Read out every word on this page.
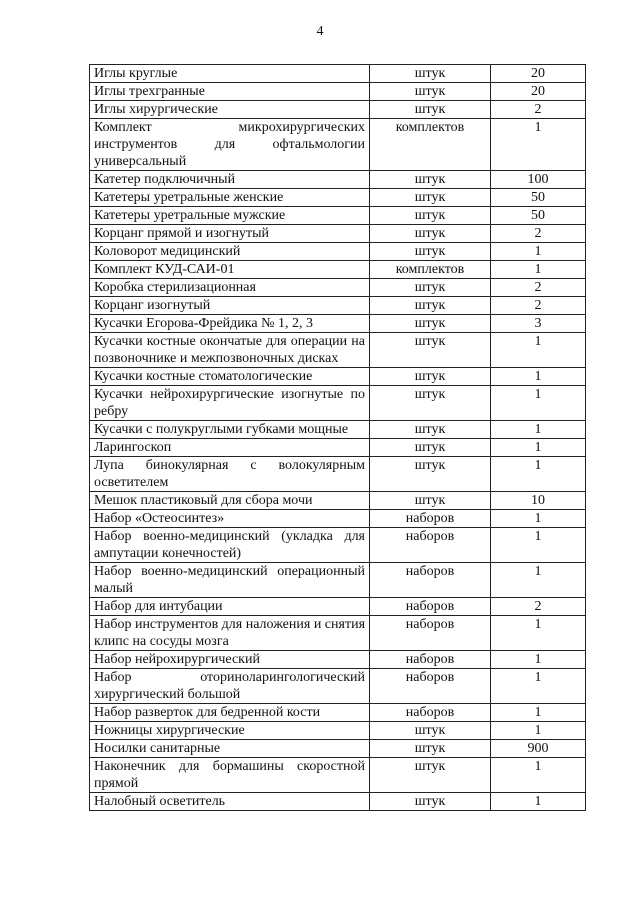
4
Иглы круглые	штук	20
Иглы трехгранные	штук	20
Иглы хирургические	штук	2
Комплект микрохирургических инструментов для офтальмологии универсальный	комплектов	1
Катетер подключичный	штук	100
Катетеры уретральные женские	штук	50
Катетеры уретральные мужские	штук	50
Корцанг прямой и изогнутый	штук	2
Коловорот медицинский	штук	1
Комплект КУД-САИ-01	комплектов	1
Коробка стерилизационная	штук	2
Корцанг изогнутый	штук	2
Кусачки Егорова-Фрейдика № 1, 2, 3	штук	3
Кусачки костные окончатые для операции на позвоночнике и межпозвоночных дисках	штук	1
Кусачки костные стоматологические	штук	1
Кусачки нейрохирургические изогнутые по ребру	штук	1
Кусачки с полукруглыми губками мощные	штук	1
Ларингоскоп	штук	1
Лупа бинокулярная с волокулярным осветителем	штук	1
Мешок пластиковый для сбора мочи	штук	10
Набор «Остеосинтез»	наборов	1
Набор военно-медицинский (укладка для ампутации конечностей)	наборов	1
Набор военно-медицинский операционный малый	наборов	1
Набор для интубации	наборов	2
Набор инструментов для наложения и снятия клипс на сосуды мозга	наборов	1
Набор нейрохирургический	наборов	1
Набор оториноларингологический хирургический большой	наборов	1
Набор разверток для бедренной кости	наборов	1
Ножницы хирургические	штук	1
Носилки санитарные	штук	900
Наконечник для бормашины скоростной прямой	штук	1
Налобный осветитель	штук	1
